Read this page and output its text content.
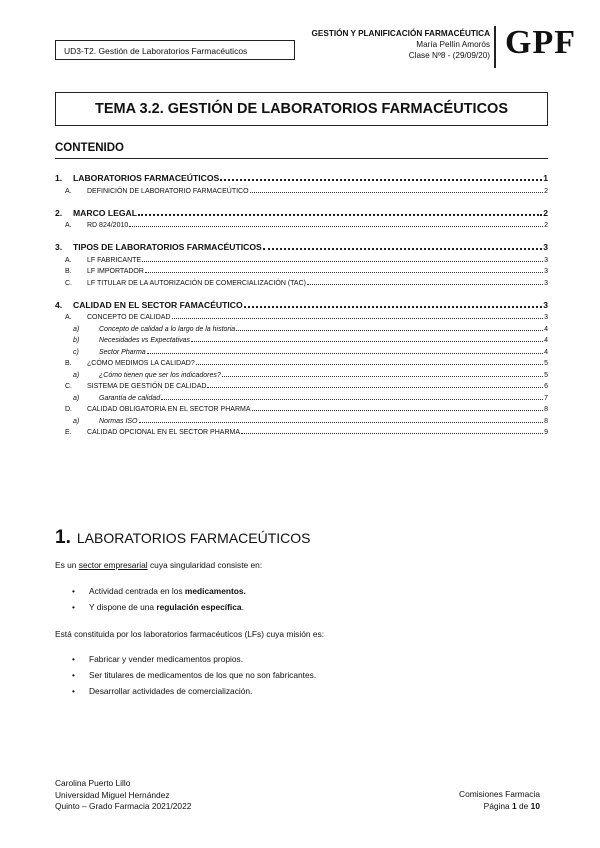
UD3-T2. Gestión de Laboratorios Farmacéuticos
GESTIÓN Y PLANIFICACIÓN FARMACÉUTICA
María Pellín Amorós
Clase Nº8 - (29/09/20) GPF
TEMA 3.2. GESTIÓN DE LABORATORIOS FARMACÉUTICOS
CONTENIDO
1.	LABORATORIOS FARMACEÚTICOS	1
A.	DEFINICIÓN DE LABORATORIO FARMACEÚTICO	2
2.	MARCO LEGAL	2
A.	RD 824/2010	2
3.	TIPOS DE LABORATORIOS FARMACÉUTICOS	3
A.	LF FABRICANTE	3
B.	LF IMPORTADOR	3
C.	LF TITULAR DE LA AUTORIZACIÓN DE COMERCIALIZACIÓN (TAC)	3
4.	CALIDAD EN EL SECTOR FAMACÉUTICO	3
A.	CONCEPTO DE CALIDAD	3
a)	Concepto de calidad a lo largo de la historia	4
b)	Necesidades vs Expectativas	4
c)	Sector Pharma	4
B.	¿CÓMO MEDIMOS LA CALIDAD?	5
a)	¿Cómo tienen que ser los indicadores?	5
C.	SISTEMA DE GESTIÓN DE CALIDAD	6
a)	Garantía de calidad	7
D.	CALIDAD OBLIGATORIA EN EL SECTOR PHARMA	8
a)	Normas ISO	8
E.	CALIDAD OPCIONAL EN EL SECTOR PHARMA	9
1. LABORATORIOS FARMACEÚTICOS
Es un sector empresarial cuya singularidad consiste en:
• Actividad centrada en los medicamentos.
• Y dispone de una regulación específica.
Está constituida por los laboratorios farmacéuticos (LFs) cuya misión es:
• Fabricar y vender medicamentos propios.
• Ser titulares de medicamentos de los que no son fabricantes.
• Desarrollar actividades de comercialización.
Carolina Puerto Lillo
Universidad Miguel Hernández
Quinto – Grado Farmacia 2021/2022
Comisiones Farmacia
Página 1 de 10
